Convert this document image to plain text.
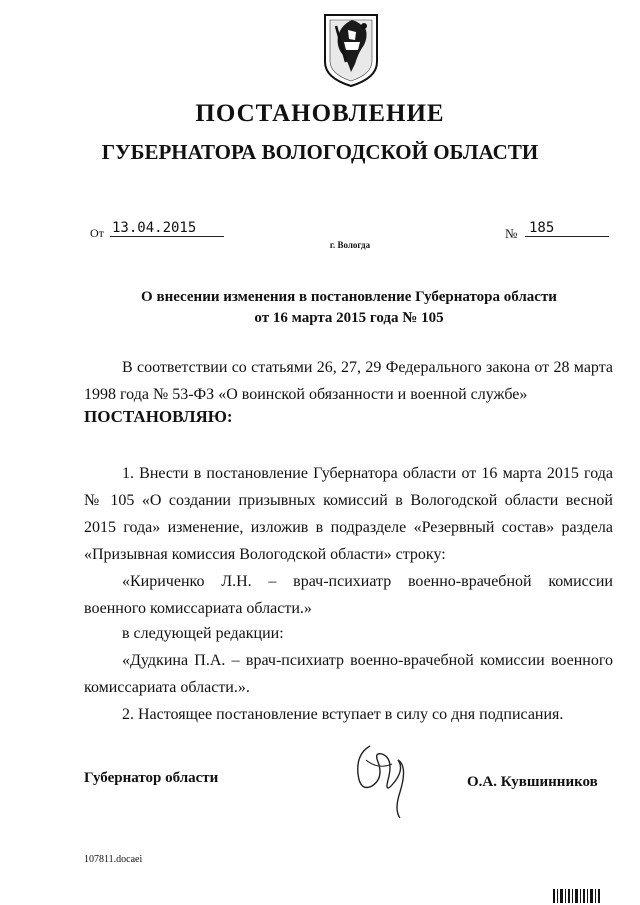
ПОСТАНОВЛЕНИЕ
ГУБЕРНАТОРА ВОЛОГОДСКОЙ ОБЛАСТИ
От 13.04.2015	№ 185
г. Вологда
О внесении изменения в постановление Губернатора области
от 16 марта 2015 года № 105
В соответствии со статьями 26, 27, 29 Федерального закона от 28 марта 1998 года № 53-ФЗ «О воинской обязанности и военной службе»
ПОСТАНОВЛЯЮ:
1. Внести в постановление Губернатора области от 16 марта 2015 года № 105 «О создании призывных комиссий в Вологодской области весной 2015 года» изменение, изложив в подразделе «Резервный состав» раздела «Призывная комиссия Вологодской области» строку:
«Кириченко Л.Н. – врач-психиатр военно-врачебной комиссии военного комиссариата области.»
в следующей редакции:
«Дудкина П.А. – врач-психиатр военно-врачебной комиссии военного комиссариата области.».
2. Настоящее постановление вступает в силу со дня подписания.
Губернатор области	О.А. Кувшинников
107811.docaei
